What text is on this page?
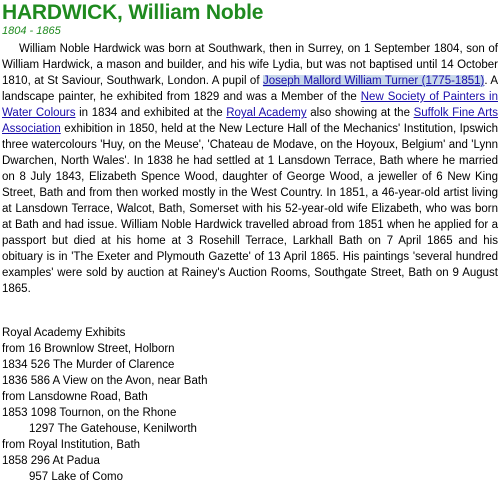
HARDWICK, William Noble
1804 - 1865

William Noble Hardwick was born at Southwark, then in Surrey, on 1 September 1804, son of William Hardwick, a mason and builder, and his wife Lydia, but was not baptised until 14 October 1810, at St Saviour, Southwark, London. A pupil of Joseph Mallord William Turner (1775-1851). A landscape painter, he exhibited from 1829 and was a Member of the New Society of Painters in Water Colours in 1834 and exhibited at the Royal Academy also showing at the Suffolk Fine Arts Association exhibition in 1850, held at the New Lecture Hall of the Mechanics' Institution, Ipswich three watercolours 'Huy, on the Meuse', 'Chateau de Modave, on the Hoyoux, Belgium' and 'Lynn Dwarchen, North Wales'. In 1838 he had settled at 1 Lansdown Terrace, Bath where he married on 8 July 1843, Elizabeth Spence Wood, daughter of George Wood, a jeweller of 6 New King Street, Bath and from then worked mostly in the West Country. In 1851, a 46-year-old artist living at Lansdown Terrace, Walcot, Bath, Somerset with his 52-year-old wife Elizabeth, who was born at Bath and had issue. William Noble Hardwick travelled abroad from 1851 when he applied for a passport but died at his home at 3 Rosehill Terrace, Larkhall Bath on 7 April 1865 and his obituary is in 'The Exeter and Plymouth Gazette' of 13 April 1865. His paintings 'several hundred examples' were sold by auction at Rainey's Auction Rooms, Southgate Street, Bath on 9 August 1865.

Royal Academy Exhibits
from 16 Brownlow Street, Holborn
1834 526 The Murder of Clarence
1836 586 A View on the Avon, near Bath
from Lansdowne Road, Bath
1853 1098 Tournon, on the Rhone
1297 The Gatehouse, Kenilworth
from Royal Institution, Bath
1858 296 At Padua
957 Lake of Como
